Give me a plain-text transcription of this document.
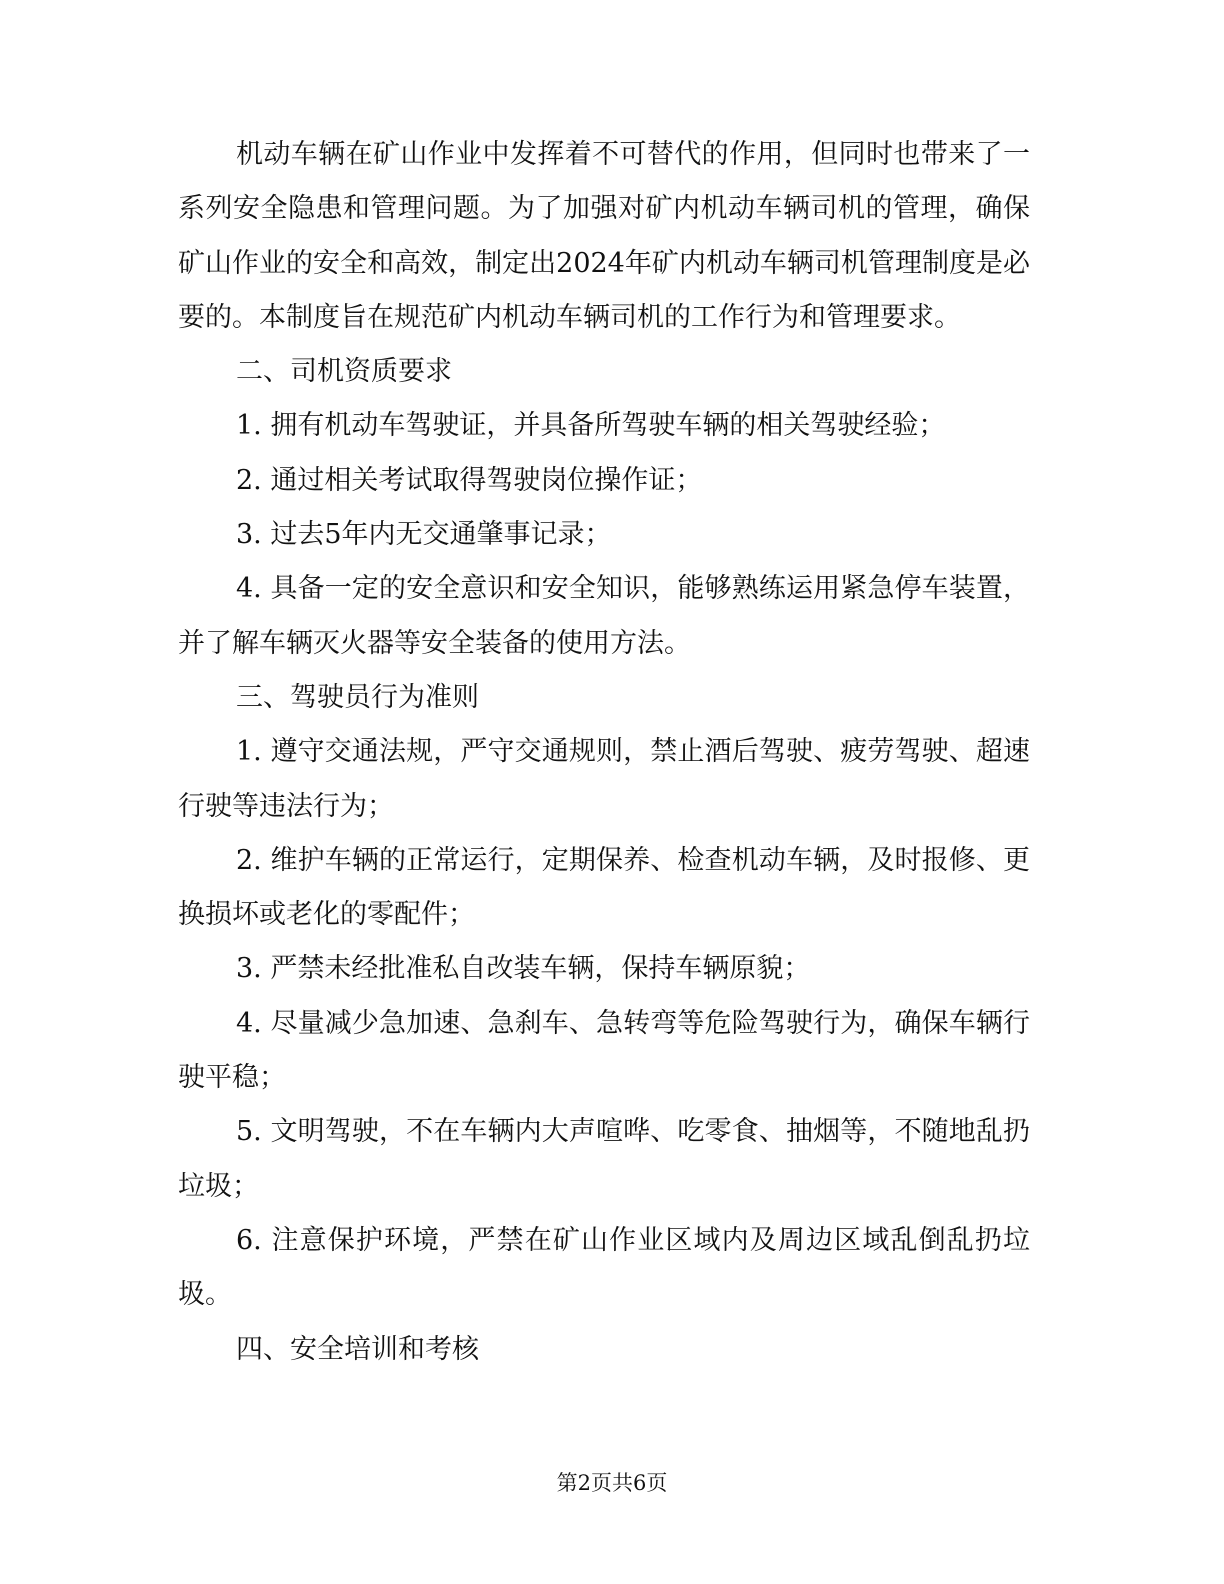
机动车辆在矿山作业中发挥着不可替代的作用，但同时也带来了一系列安全隐患和管理问题。为了加强对矿内机动车辆司机的管理，确保矿山作业的安全和高效，制定出2024年矿内机动车辆司机管理制度是必要的。本制度旨在规范矿内机动车辆司机的工作行为和管理要求。

二、司机资质要求

1. 拥有机动车驾驶证，并具备所驾驶车辆的相关驾驶经验；

2. 通过相关考试取得驾驶岗位操作证；

3. 过去5年内无交通肇事记录；

4. 具备一定的安全意识和安全知识，能够熟练运用紧急停车装置，并了解车辆灭火器等安全装备的使用方法。

三、驾驶员行为准则

1. 遵守交通法规，严守交通规则，禁止酒后驾驶、疲劳驾驶、超速行驶等违法行为；

2. 维护车辆的正常运行，定期保养、检查机动车辆，及时报修、更换损坏或老化的零配件；

3. 严禁未经批准私自改装车辆，保持车辆原貌；

4. 尽量减少急加速、急刹车、急转弯等危险驾驶行为，确保车辆行驶平稳；

5. 文明驾驶，不在车辆内大声喧哗、吃零食、抽烟等，不随地乱扔垃圾；

6. 注意保护环境，严禁在矿山作业区域内及周边区域乱倒乱扔垃圾。

四、安全培训和考核

第2页共6页
